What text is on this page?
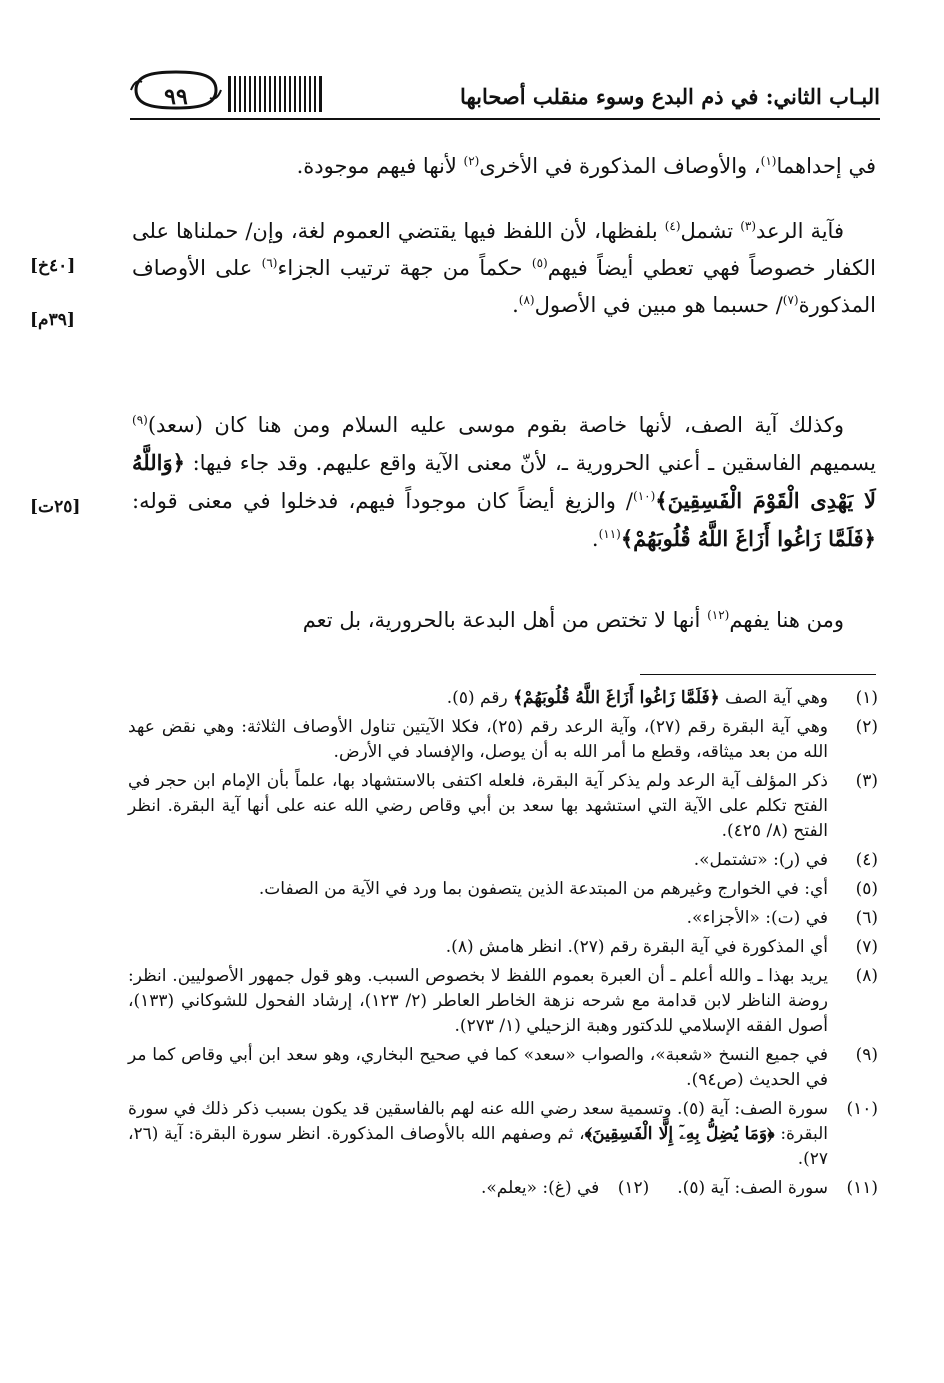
٩٩	البـاب الثاني: في ذم البدع وسوء منقلب أصحابها
في إحداهما$^{(١)}$، والأوصاف المذكورة في الأخرى$^{(٢)}$ لأنها فيهم موجودة.
فآية الرعد$^{(٣)}$ تشمل$^{(٤)}$ بلفظها، لأن اللفظ فيها يقتضي العموم لغة، وإن/ حملناها على الكفار خصوصاً فهي تعطي أيضاً فيهم$^{(٥)}$ حكماً من جهة ترتيب الجزاء$^{(٦)}$ على الأوصاف المذكورة$^{(٧)}$/ حسبما هو مبين في الأصول$^{(٨)}$.
وكذلك آية الصف، لأنها خاصة بقوم موسى عليه السلام ومن هنا كان (سعد)$^{(٩)}$ يسميهم الفاسقين ـ أعني الحرورية ـ، لأنّ معنى الآية واقع عليهم. وقد جاء فيها: ﴿وَاللَّهُ لَا يَهْدِى الْقَوْمَ الْفَسِقِينَ﴾$^{(١٠)}$/ والزيغ أيضاً كان موجوداً فيهم، فدخلوا في معنى قوله: ﴿فَلَمَّا زَاغُوا أَزَاغَ اللَّهُ قُلُوبَهُمْ﴾$^{(١١)}$.
ومن هنا يفهم$^{(١٢)}$ أنها لا تختص من أهل البدعة بالحرورية، بل تعم
[٤٠خ]
[٣٩م]
[٢٥ت]
(١)
وهي آية الصف ﴿فَلَمَّا زَاغُوا أَزَاغَ اللَّهُ قُلُوبَهُمْ﴾ رقم (٥).
(٢)
وهي آية البقرة رقم (٢٧)، وآية الرعد رقم (٢٥)، فكلا الآيتين تناول الأوصاف الثلاثة: وهي نقض عهد الله من بعد ميثاقه، وقطع ما أمر الله به أن يوصل، والإفساد في الأرض.
(٣)
ذكر المؤلف آية الرعد ولم يذكر آية البقرة، فلعله اكتفى بالاستشهاد بها، علماً بأن الإمام ابن حجر في الفتح تكلم على الآية التي استشهد بها سعد بن أبي وقاص رضي الله عنه على أنها آية البقرة. انظر الفتح (٨/ ٤٢٥).
(٤)
في (ر): «تشتمل».
(٥)
أي: في الخوارج وغيرهم من المبتدعة الذين يتصفون بما ورد في الآية من الصفات.
(٦)
في (ت): «الأجزاء».
(٧)
أي المذكورة في آية البقرة رقم (٢٧). انظر هامش (٨).
(٨)
يريد بهذا ـ والله أعلم ـ أن العبرة بعموم اللفظ لا بخصوص السبب. وهو قول جمهور الأصوليين. انظر: روضة الناظر لابن قدامة مع شرحه نزهة الخاطر العاطر (٢/ ١٢٣)، إرشاد الفحول للشوكاني (١٣٣)، أصول الفقه الإسلامي للدكتور وهبة الزحيلي (١/ ٢٧٣).
(٩)
في جميع النسخ «شعبة»، والصواب «سعد» كما في صحيح البخاري، وهو سعد ابن أبي وقاص كما مر في الحديث (ص٩٤).
(١٠)
سورة الصف: آية (٥). وتسمية سعد رضي الله عنه لهم بالفاسقين قد يكون بسبب ذكر ذلك في سورة البقرة: ﴿وَمَا يُضِلُّ بِهِۦٓ إِلَّا الْفَسِقِينَ﴾، ثم وصفهم الله بالأوصاف المذكورة. انظر سورة البقرة: آية (٢٦، ٢٧).
(١١)
سورة الصف: آية (٥).
(١٢)
في (غ): «يعلم».
